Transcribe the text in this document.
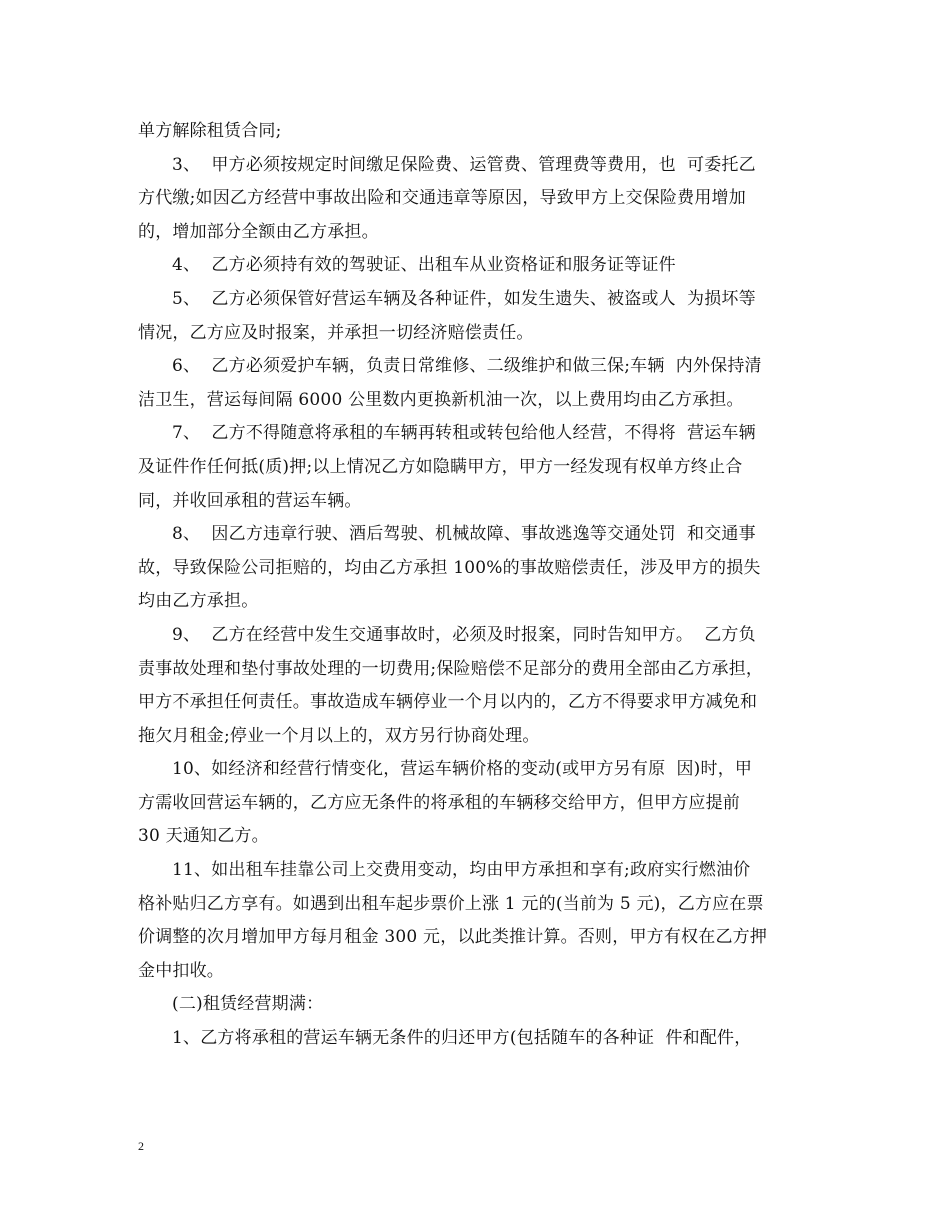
单方解除租赁合同;
3、  甲方必须按规定时间缴足保险费、运管费、管理费等费用，也  可委托乙
方代缴;如因乙方经营中事故出险和交通违章等原因，导致甲方上交保险费用增加
的，增加部分全额由乙方承担。
4、  乙方必须持有效的驾驶证、出租车从业资格证和服务证等证件
5、  乙方必须保管好营运车辆及各种证件，如发生遗失、被盗或人  为损坏等
情况，乙方应及时报案，并承担一切经济赔偿责任。
6、  乙方必须爱护车辆，负责日常维修、二级维护和做三保;车辆  内外保持清
洁卫生，营运每间隔 6000 公里数内更换新机油一次，以上费用均由乙方承担。
7、  乙方不得随意将承租的车辆再转租或转包给他人经营，不得将  营运车辆
及证件作任何抵(质)押;以上情况乙方如隐瞒甲方，甲方一经发现有权单方终止合
同，并收回承租的营运车辆。
8、  因乙方违章行驶、酒后驾驶、机械故障、事故逃逸等交通处罚  和交通事
故，导致保险公司拒赔的，均由乙方承担 100%的事故赔偿责任，涉及甲方的损失
均由乙方承担。
9、  乙方在经营中发生交通事故时，必须及时报案，同时告知甲方。  乙方负
责事故处理和垫付事故处理的一切费用;保险赔偿不足部分的费用全部由乙方承担，
甲方不承担任何责任。事故造成车辆停业一个月以内的，乙方不得要求甲方减免和
拖欠月租金;停业一个月以上的，双方另行协商处理。
10、如经济和经营行情变化，营运车辆价格的变动(或甲方另有原  因)时，甲
方需收回营运车辆的，乙方应无条件的将承租的车辆移交给甲方，但甲方应提前
30 天通知乙方。
11、如出租车挂靠公司上交费用变动，均由甲方承担和享有;政府实行燃油价
格补贴归乙方享有。如遇到出租车起步票价上涨 1 元的(当前为 5 元)，乙方应在票
价调整的次月增加甲方每月租金 300 元，以此类推计算。否则，甲方有权在乙方押
金中扣收。
(二)租赁经营期满：
1、乙方将承租的营运车辆无条件的归还甲方(包括随车的各种证  件和配件，
2
